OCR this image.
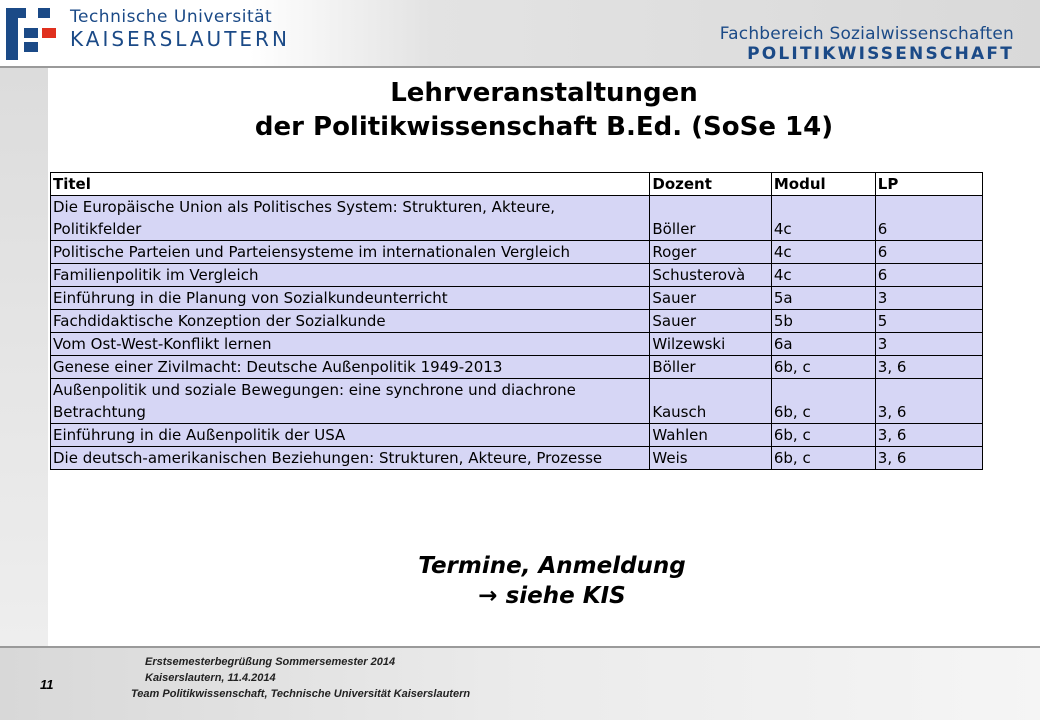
Technische Universität
KAISERSLAUTERN	Fachbereich Sozialwissenschaften
POLITIKWISSENSCHAFT
Lehrveranstaltungen
der Politikwissenschaft B.Ed. (SoSe 14)
Titel	Dozent	Modul	LP
Die Europäische Union als Politisches System: Strukturen, Akteure, Politikfelder	Böller	4c	6
Politische Parteien und Parteiensysteme im internationalen Vergleich	Roger	4c	6
Familienpolitik im Vergleich	Schusterovà	4c	6
Einführung in die Planung von Sozialkundeunterricht	Sauer	5a	3
Fachdidaktische Konzeption der Sozialkunde	Sauer	5b	5
Vom Ost-West-Konflikt lernen	Wilzewski	6a	3
Genese einer Zivilmacht: Deutsche Außenpolitik 1949-2013	Böller	6b, c	3, 6
Außenpolitik und soziale Bewegungen: eine synchrone und diachrone Betrachtung	Kausch	6b, c	3, 6
Einführung in die Außenpolitik der USA	Wahlen	6b, c	3, 6
Die deutsch-amerikanischen Beziehungen: Strukturen, Akteure, Prozesse	Weis	6b, c	3, 6
Termine, Anmeldung
→ siehe KIS
11
Erstsemesterbegrüßung Sommersemester 2014
Kaiserslautern, 11.4.2014
Team Politikwissenschaft, Technische Universität Kaiserslautern
